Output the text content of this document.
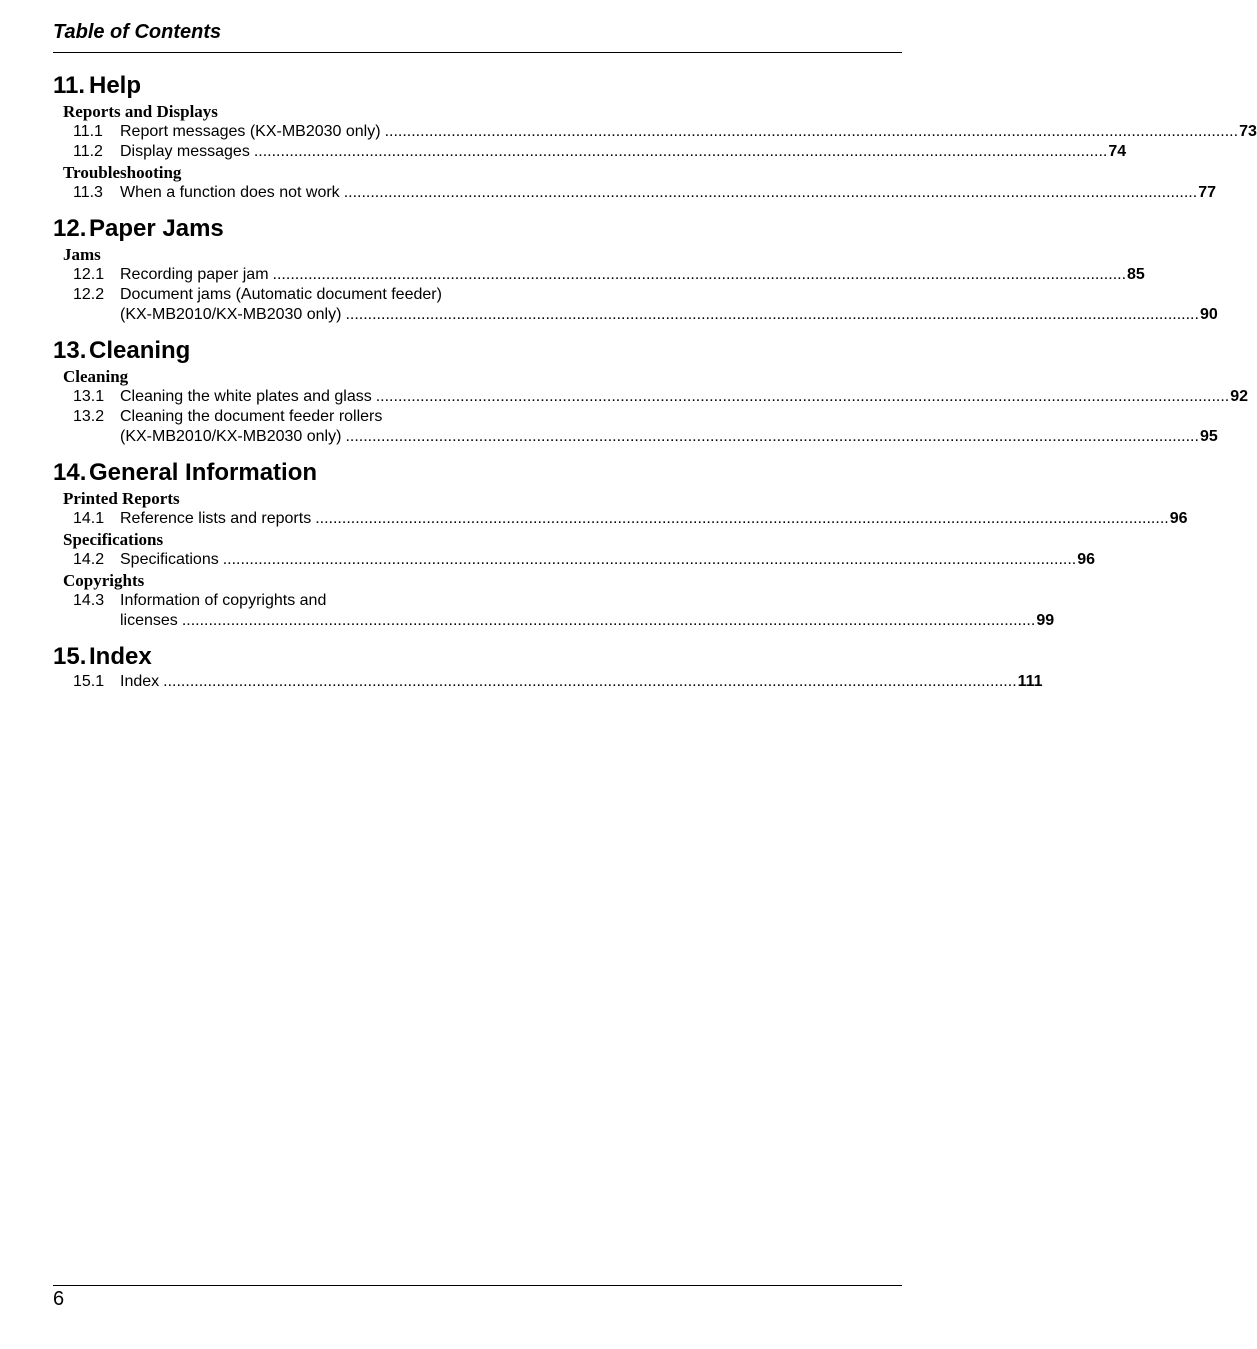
Table of Contents
11. Help
Reports and Displays
11.1	Report messages (KX-MB2030 only) .....	73
11.2	Display messages .....	74
Troubleshooting
11.3	When a function does not work .....	77
12. Paper Jams
Jams
12.1 Recording paper jam .....	85
12.2 Document jams (Automatic document feeder)
(KX-MB2010/KX-MB2030 only) .....	90
13. Cleaning
Cleaning
13.1 Cleaning the white plates and glass .....	92
13.2 Cleaning the document feeder rollers
(KX-MB2010/KX-MB2030 only) .....	95
14. General Information
Printed Reports
14.1 Reference lists and reports .....	96
Specifications
14.2 Specifications .....	96
Copyrights
14.3 Information of copyrights and
licenses .....	99
15. Index
15.1 Index .....	111
6
